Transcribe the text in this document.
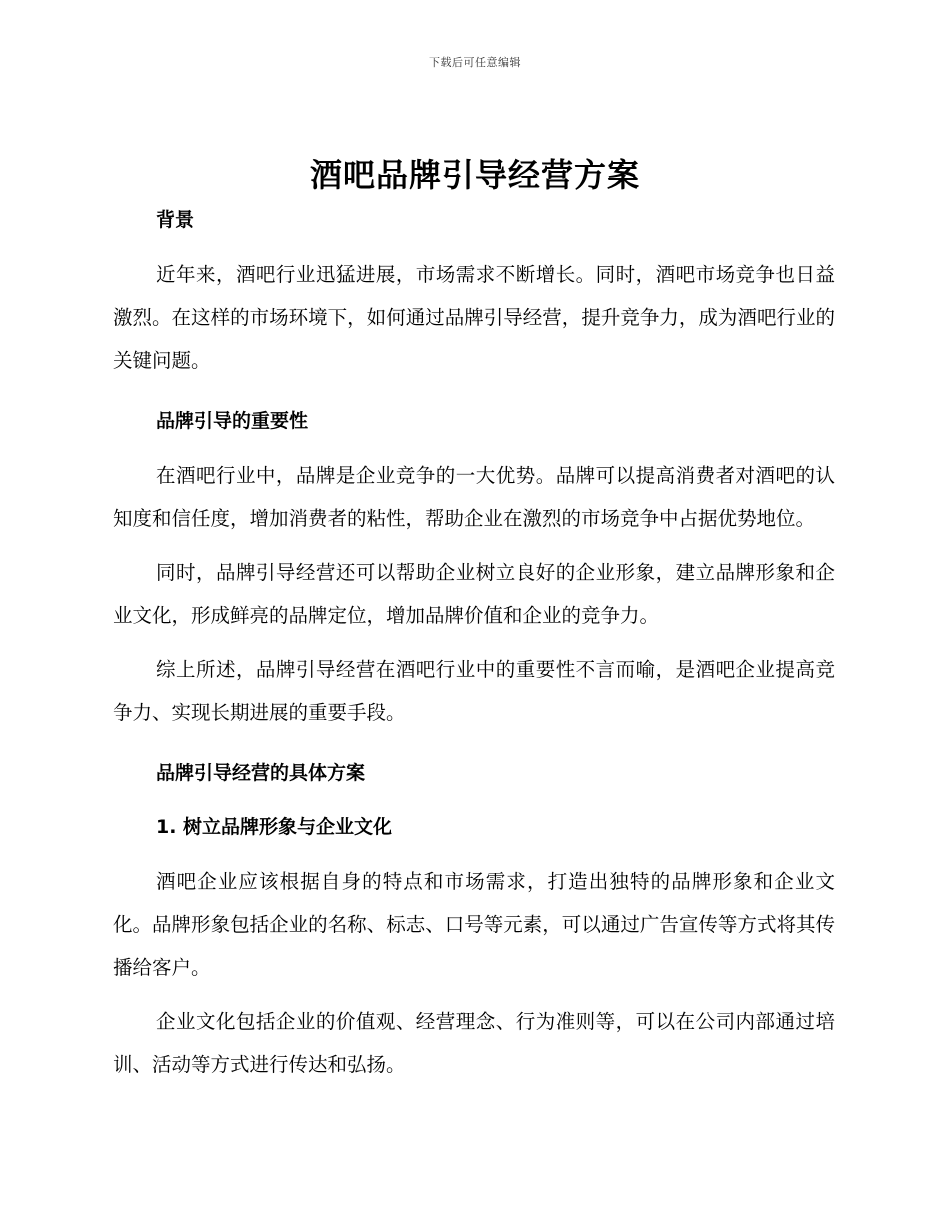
下载后可任意编辑
酒吧品牌引导经营方案

背景

近年来，酒吧行业迅猛进展，市场需求不断增长。同时，酒吧市场竞争也日益激烈。在这样的市场环境下，如何通过品牌引导经营，提升竞争力，成为酒吧行业的关键问题。

品牌引导的重要性

在酒吧行业中，品牌是企业竞争的一大优势。品牌可以提高消费者对酒吧的认知度和信任度，增加消费者的粘性，帮助企业在激烈的市场竞争中占据优势地位。

同时，品牌引导经营还可以帮助企业树立良好的企业形象，建立品牌形象和企业文化，形成鲜亮的品牌定位，增加品牌价值和企业的竞争力。

综上所述，品牌引导经营在酒吧行业中的重要性不言而喻，是酒吧企业提高竞争力、实现长期进展的重要手段。

品牌引导经营的具体方案

1. 树立品牌形象与企业文化

酒吧企业应该根据自身的特点和市场需求，打造出独特的品牌形象和企业文化。品牌形象包括企业的名称、标志、口号等元素，可以通过广告宣传等方式将其传播给客户。

企业文化包括企业的价值观、经营理念、行为准则等，可以在公司内部通过培训、活动等方式进行传达和弘扬。
